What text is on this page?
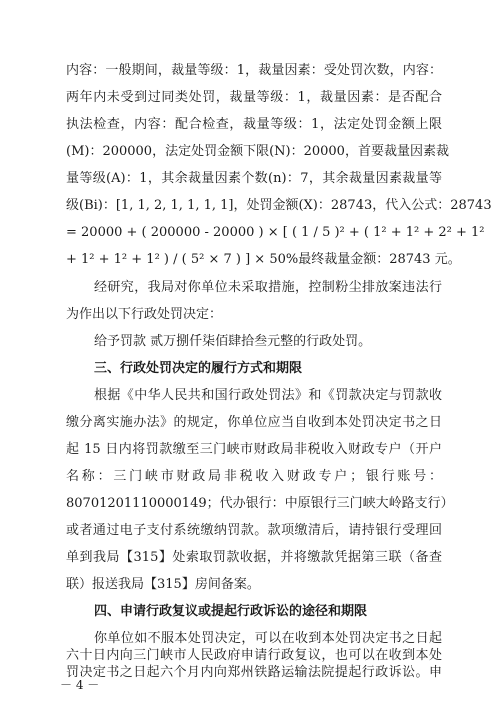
内容：一般期间，裁量等级：1，裁量因素：受处罚次数，内容：
两年内未受到过同类处罚，裁量等级：1，裁量因素：是否配合
执法检查，内容：配合检查，裁量等级：1，法定处罚金额上限
(M)：200000，法定处罚金额下限(N)：20000，首要裁量因素裁
量等级(A)：1，其余裁量因素个数(n)：7，其余裁量因素裁量等
级(Bi)：[1, 1, 2, 1, 1, 1, 1]，处罚金额(X)：28743，代入公式：28743
= 20000 + ( 200000 - 20000 ) × [ ( 1 / 5 )² + ( 1² + 1² + 2² + 1²
+ 1² + 1² + 1² ) / ( 5² × 7 ) ] × 50%最终裁量金额：28743 元。
经研究，我局对你单位未采取措施，控制粉尘排放案违法行
为作出以下行政处罚决定：
给予罚款 贰万捌仟柒佰肆拾叁元整的行政处罚。
三、行政处罚决定的履行方式和期限
根据《中华人民共和国行政处罚法》和《罚款决定与罚款收
缴分离实施办法》的规定，你单位应当自收到本处罚决定书之日
起 15 日内将罚款缴至三门峡市财政局非税收入财政专户（开户
名称：三门峡市财政局非税收入财政专户；银行账号：
80701201110000149；代办银行：中原银行三门峡大岭路支行）
或者通过电子支付系统缴纳罚款。款项缴清后，请持银行受理回
单到我局【315】处索取罚款收据，并将缴款凭据第三联（备查
联）报送我局【315】房间备案。
四、申请行政复议或提起行政诉讼的途径和期限
你单位如不服本处罚决定，可以在收到本处罚决定书之日起
六十日内向三门峡市人民政府申请行政复议，也可以在收到本处
罚决定书之日起六个月内向郑州铁路运输法院提起行政诉讼。申
－ 4 －
